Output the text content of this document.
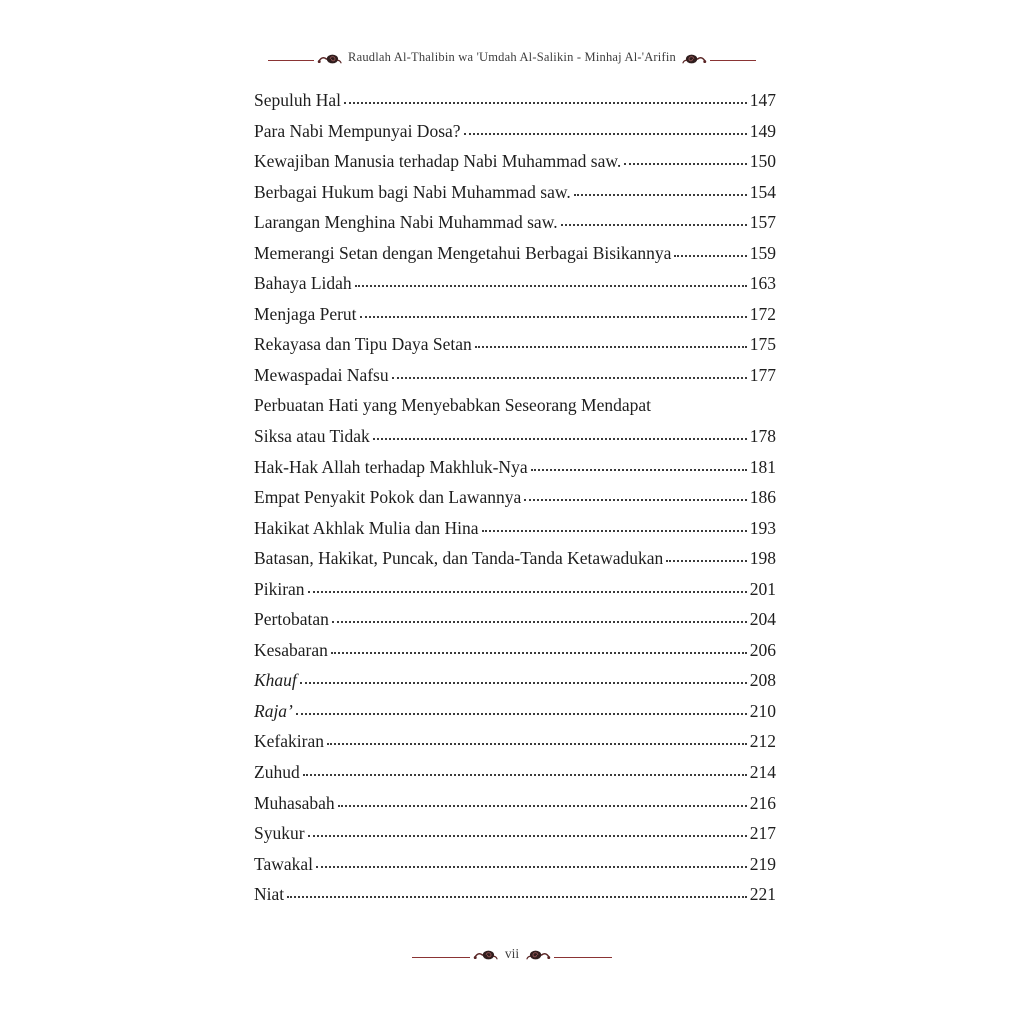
Raudlah Al-Thalibin wa 'Umdah Al-Salikin - Minhaj Al-'Arifin
Sepuluh Hal	147
Para Nabi Mempunyai Dosa?	149
Kewajiban Manusia terhadap Nabi Muhammad saw.	150
Berbagai Hukum bagi Nabi Muhammad saw.	154
Larangan Menghina Nabi Muhammad saw.	157
Memerangi Setan dengan Mengetahui Berbagai Bisikannya	159
Bahaya Lidah	163
Menjaga Perut	172
Rekayasa dan Tipu Daya Setan	175
Mewaspadai Nafsu	177
Perbuatan Hati yang Menyebabkan Seseorang Mendapat
Siksa atau Tidak	178
Hak-Hak Allah terhadap Makhluk-Nya	181
Empat Penyakit Pokok dan Lawannya	186
Hakikat Akhlak Mulia dan Hina	193
Batasan, Hakikat, Puncak, dan Tanda-Tanda Ketawadukan	198
Pikiran	201
Pertobatan	204
Kesabaran	206
Khauf	208
Raja’	210
Kefakiran	212
Zuhud	214
Muhasabah	216
Syukur	217
Tawakal	219
Niat	221
vii
